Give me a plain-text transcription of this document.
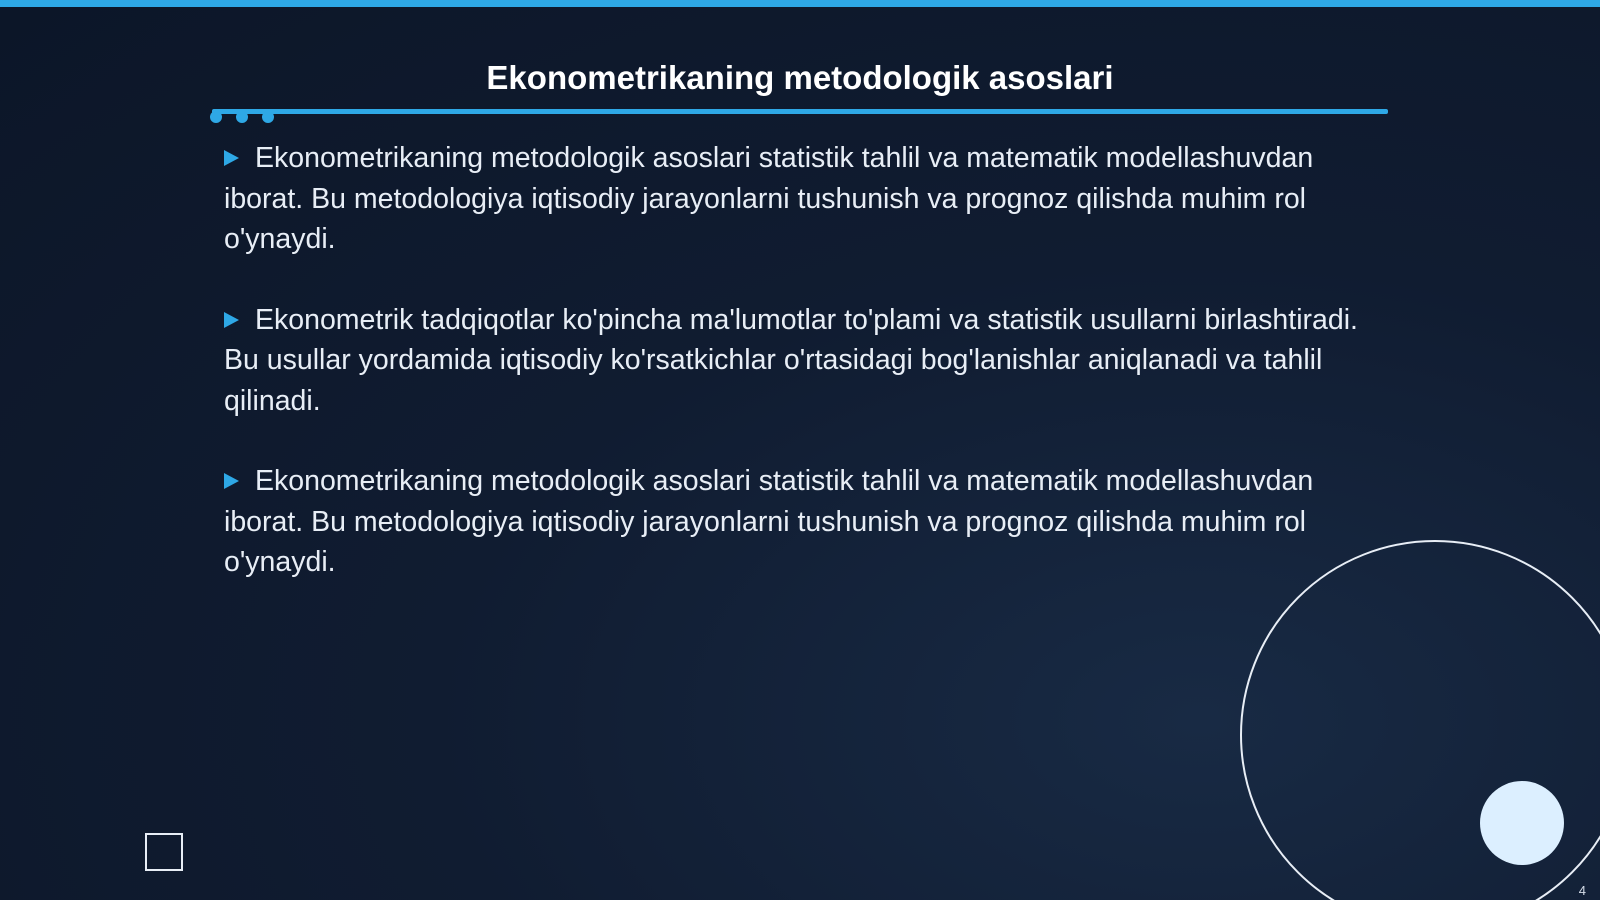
Ekonometrikaning metodologik asoslari
Ekonometrikaning metodologik asoslari statistik tahlil va matematik modellashuvdan iborat. Bu metodologiya iqtisodiy jarayonlarni tushunish va prognoz qilishda muhim rol o'ynaydi.
Ekonometrik tadqiqotlar ko'pincha ma'lumotlar to'plami va statistik usullarni birlashtiradi. Bu usullar yordamida iqtisodiy ko'rsatkichlar o'rtasidagi bog'lanishlar aniqlanadi va tahlil qilinadi.
Ekonometrikaning metodologik asoslari statistik tahlil va matematik modellashuvdan iborat. Bu metodologiya iqtisodiy jarayonlarni tushunish va prognoz qilishda muhim rol o'ynaydi.
4
